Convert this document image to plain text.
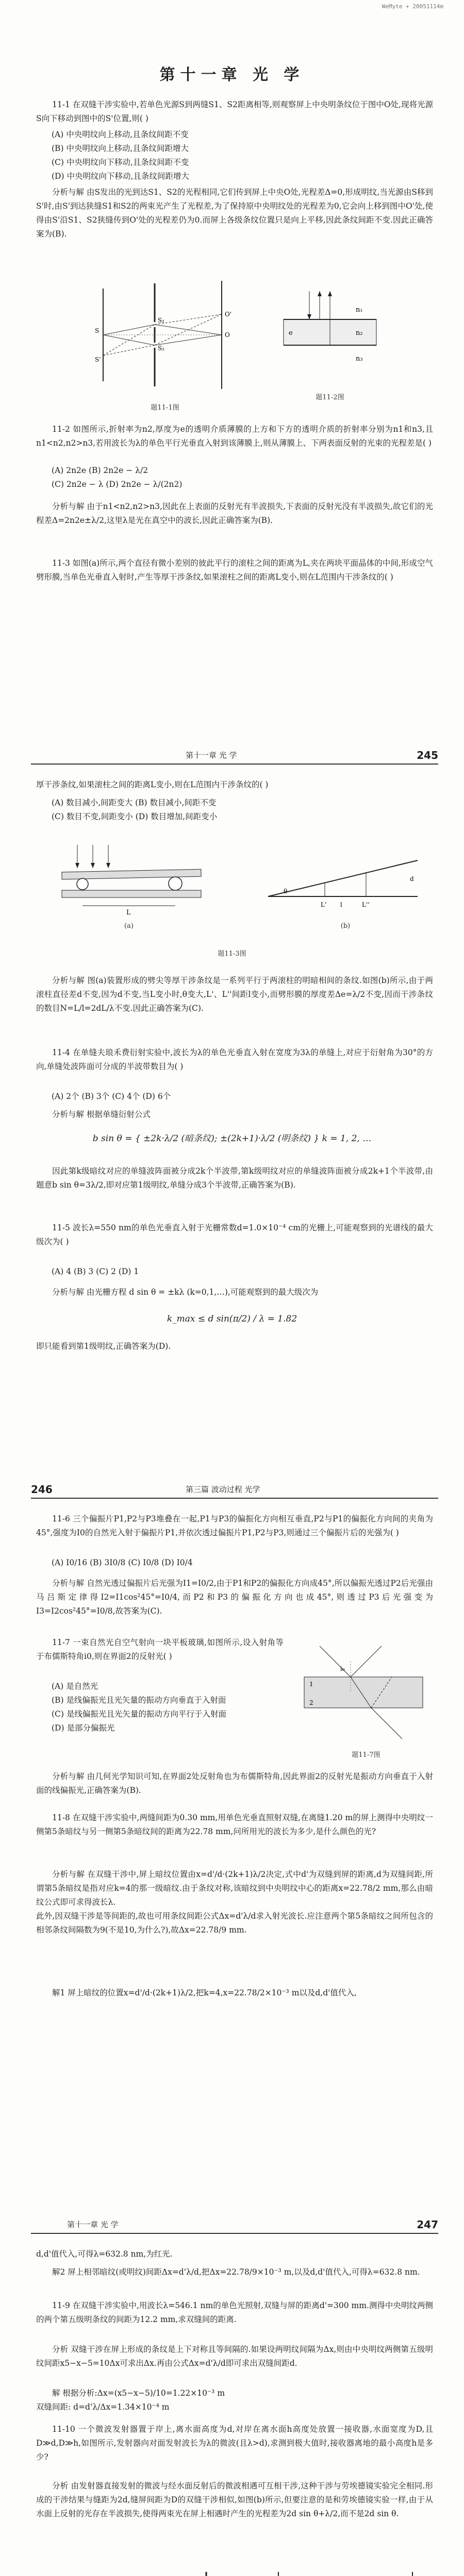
WeMyte + 20051114m
第十一章 光 学
11-1 在双缝干涉实验中,若单色光源S到两缝S1、S2距离相等,则观察屏上中央明条纹位于图中O处,现将光源S向下移动到图中的S'位置,则( )
(A) 中央明纹向上移动,且条纹间距不变
(B) 中央明纹向上移动,且条纹间距增大
(C) 中央明纹向下移动,且条纹间距不变
(D) 中央明纹向下移动,且条纹间距增大
分析与解 由S发出的光到达S1、S2的光程相同,它们传到屏上中央O处,光程差Δ=0,形成明纹,当光源由S移到S'时,由S'到达狭缝S1和S2的两束光产生了光程差,为了保持原中央明纹处的光程差为0,它会向上移到图中O'处,使得由S'沿S1、S2狭缝传到O'处的光程差仍为0.而屏上各级条纹位置只是向上平移,因此条纹间距不变.因此正确答案为(B).
S
S'
S₁
S₂
O
O'
题11-1图
n₁
n₂
n₃
e
题11-2图
11-2 如图所示,折射率为n2,厚度为e的透明介质薄膜的上方和下方的透明介质的折射率分别为n1和n3,且n1<n2,n2>n3,若用波长为λ的单色平行光垂直入射到该薄膜上,则从薄膜上、下两表面反射的光束的光程差是( )
(A) 2n2e (B) 2n2e − λ/2
(C) 2n2e − λ (D) 2n2e − λ/(2n2)
分析与解 由于n1<n2,n2>n3,因此在上表面的反射光有半波损失,下表面的反射光没有半波损失,故它们的光程差Δ=2n2e±λ/2,这里λ是光在真空中的波长,因此正确答案为(B).
11-3 如图(a)所示,两个直径有微小差别的彼此平行的滚柱之间的距离为L,夹在两块平面晶体的中间,形成空气劈形膜,当单色光垂直入射时,产生等厚干涉条纹,如果滚柱之间的距离L变小,则在L范围内干涉条纹的( )
第十一章 光 学	245
厚干涉条纹,如果滚柱之间的距离L变小,则在L范围内干涉条纹的( )
(A) 数目减小,间距变大 (B) 数目减小,间距不变
(C) 数目不变,间距变小 (D) 数目增加,间距变小
L
(a)
θ
L'	L''
l
d
(b)
题11-3图
分析与解 图(a)装置形成的劈尖等厚干涉条纹是一系列平行于两滚柱的明暗相间的条纹.如图(b)所示,由于两滚柱直径差d不变,因为d不变,当L变小时,θ变大,L'、L''间距l变小,而劈形膜的厚度差Δe=λ/2不变,因而干涉条纹的数目N=L/l=2dL/λ不变.因此正确答案为(C).
11-4 在单缝夫琅禾费衍射实验中,波长为λ的单色光垂直入射在宽度为3λ的单缝上,对应于衍射角为30°的方向,单缝处波阵面可分成的半波带数目为( )
(A) 2个 (B) 3个 (C) 4个 (D) 6个
分析与解 根据单缝衍射公式
b sin θ = { ±2k·λ/2 (暗条纹); ±(2k+1)·λ/2 (明条纹) } k = 1, 2, …
因此第k级暗纹对应的单缝波阵面被分成2k个半波带,第k级明纹对应的单缝波阵面被分成2k+1个半波带,由题意b sin θ=3λ/2,即对应第1级明纹,单缝分成3个半波带,正确答案为(B).
11-5 波长λ=550 nm的单色光垂直入射于光栅常数d=1.0×10⁻⁴ cm的光栅上,可能观察到的光谱线的最大级次为( )
(A) 4 (B) 3 (C) 2 (D) 1
分析与解 由光栅方程 d sin θ = ±kλ (k=0,1,…),可能观察到的最大级次为
k_max ≤ d sin(π/2) / λ = 1.82
即只能看到第1级明纹,正确答案为(D).
246	第三篇 波动过程 光学
11-6 三个偏振片P1,P2与P3堆叠在一起,P1与P3的偏振化方向相互垂直,P2与P1的偏振化方向间的夹角为45°,强度为I0的自然光入射于偏振片P1,并依次透过偏振片P1,P2与P3,则通过三个偏振片后的光强为( )
(A) I0/16 (B) 3I0/8 (C) I0/8 (D) I0/4
分析与解 自然光透过偏振片后光强为I1=I0/2,由于P1和P2的偏振化方向成45°,所以偏振光透过P2后光强由马吕斯定律得I2=I1cos²45°=I0/4,而P2和P3的偏振化方向也成45°,则透过P3后光强变为I3=I2cos²45°=I0/8,故答案为(C).
11-7 一束自然光自空气射向一块平板玻璃,如图所示,设入射角等于布儒斯特角i0,则在界面2的反射光( )
(A) 是自然光
(B) 是线偏振光且光矢量的振动方向垂直于入射面
(C) 是线偏振光且光矢量的振动方向平行于入射面
(D) 是部分偏振光
i₀
1
2
题11-7图
分析与解 由几何光学知识可知,在界面2处反射角也为布儒斯特角,因此界面2的反射光是振动方向垂直于入射面的线偏振光,正确答案为(B).
11-8 在双缝干涉实验中,两缝间距为0.30 mm,用单色光垂直照射双缝,在离缝1.20 m的屏上测得中央明纹一侧第5条暗纹与另一侧第5条暗纹间的距离为22.78 mm,问所用光的波长为多少,是什么颜色的光?
分析与解 在双缝干涉中,屏上暗纹位置由x=d'/d·(2k+1)λ/2决定,式中d'为双缝到屏的距离,d为双缝间距,所谓第5条暗纹是指对应k=4的那一级暗纹.由于条纹对称,该暗纹到中央明纹中心的距离x=22.78/2 mm,那么由暗纹公式即可求得波长λ.
此外,因双缝干涉是等间距的,故也可用条纹间距公式Δx=d'λ/d求入射光波长.应注意两个第5条暗纹之间所包含的相邻条纹间隔数为9(不是10,为什么?),故Δx=22.78/9 mm.
解1 屏上暗纹的位置x=d'/d·(2k+1)λ/2,把k=4,x=22.78/2×10⁻³ m以及d,d'值代入,
第十一章 光 学	247
d,d'值代入,可得λ=632.8 nm,为红光.
解2 屏上相邻暗纹(或明纹)间距Δx=d'λ/d,把Δx=22.78/9×10⁻³ m,以及d,d'值代入,可得λ=632.8 nm.
11-9 在双缝干涉实验中,用波长λ=546.1 nm的单色光照射,双缝与屏的距离d'=300 mm.测得中央明纹两侧的两个第五级明条纹的间距为12.2 mm,求双缝间的距离.
分析 双缝干涉在屏上形成的条纹是上下对称且等间隔的.如果设两明纹间隔为Δx,则由中央明纹两侧第五级明纹间距x5−x−5=10Δx可求出Δx.再由公式Δx=d'λ/d即可求出双缝间距d.
解 根据分析:Δx=(x5−x−5)/10=1.22×10⁻³ m
双缝间距: d=d'λ/Δx=1.34×10⁻⁴ m
11-10 一个微波发射器置于岸上,离水面高度为d,对岸在离水面h高度处放置一接收器,水面宽度为D,且D≫d,D≫h,如图所示,发射器向对面发射波长为λ的微波(且λ>d),求测到极大值时,接收器离地的最小高度h是多少?
分析 由发射器直接发射的微波与经水面反射后的微波相遇可互相干涉,这种干涉与劳埃德镜实验完全相同.形成的干涉结果与缝距为2d,缝屏间距为D的双缝干涉相似,如图(b)所示,但要注意的是和劳埃德镜实验一样,由于从水面上反射的光存在半波损失,使得两束光在屏上相遇时产生的光程差为2d sin θ+λ/2,而不是2d sin θ.
